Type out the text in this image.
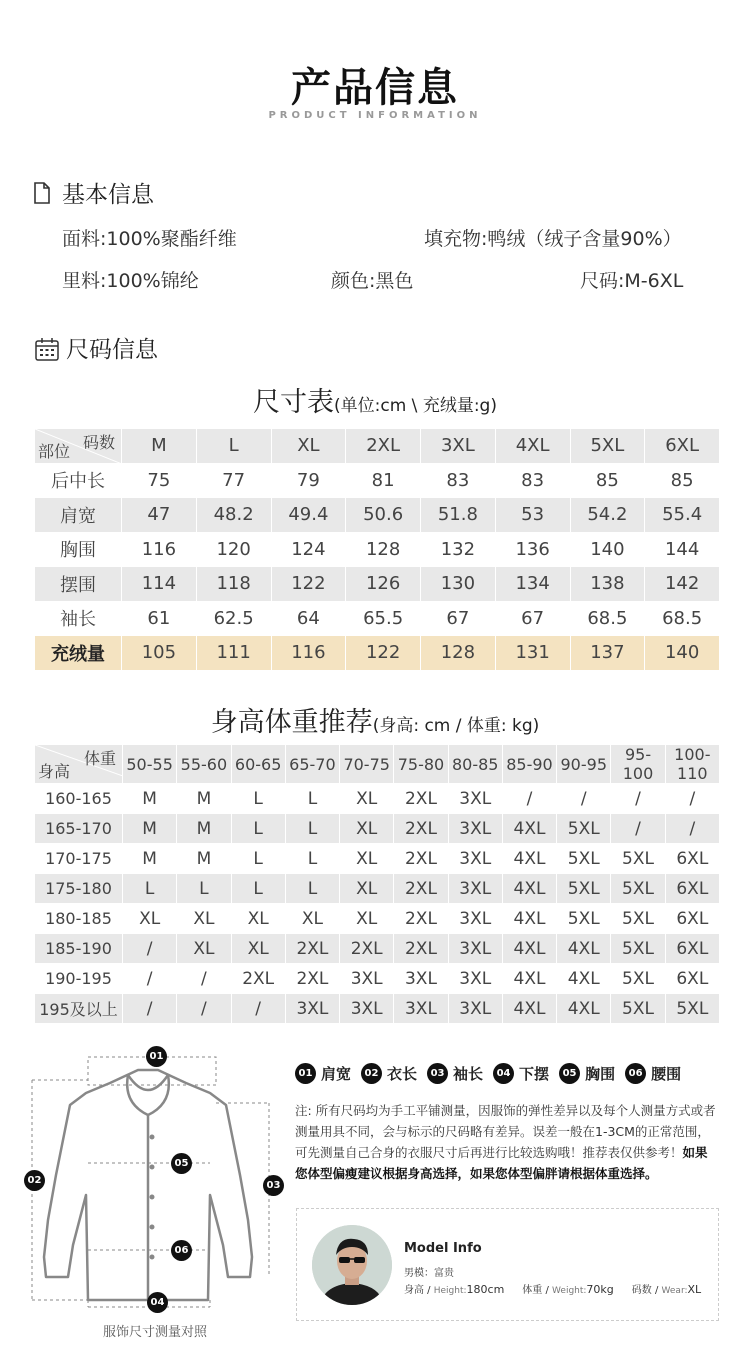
产品信息
PRODUCT INFORMATION
基本信息
面料:100%聚酯纤维	填充物:鸭绒（绒子含量90%）
里料:100%锦纶	颜色:黑色	尺码:M-6XL
尺码信息
尺寸表(单位:cm \ 充绒量:g)
码数
部位	M	L	XL	2XL	3XL	4XL	5XL	6XL
后中长	75	77	79	81	83	83	85	85
肩宽	47	48.2	49.4	50.6	51.8	53	54.2	55.4
胸围	116	120	124	128	132	136	140	144
摆围	114	118	122	126	130	134	138	142
袖长	61	62.5	64	65.5	67	67	68.5	68.5
充绒量	105	111	116	122	128	131	137	140
身高体重推荐(身高: cm / 体重: kg)
体重
身高	50-55	55-60	60-65	65-70	70-75	75-80	80-85	85-90	90-95	95-100	100-110
160-165	M	M	L	L	XL	2XL	3XL	/	/	/	/
165-170	M	M	L	L	XL	2XL	3XL	4XL	5XL	/	/
170-175	M	M	L	L	XL	2XL	3XL	4XL	5XL	5XL	6XL
175-180	L	L	L	L	XL	2XL	3XL	4XL	5XL	5XL	6XL
180-185	XL	XL	XL	XL	XL	2XL	3XL	4XL	5XL	5XL	6XL
185-190	/	XL	XL	2XL	2XL	2XL	3XL	4XL	4XL	5XL	6XL
190-195	/	/	2XL	2XL	3XL	3XL	3XL	4XL	4XL	5XL	6XL
195及以上	/	/	/	3XL	3XL	3XL	3XL	4XL	4XL	5XL	5XL
01
02	03
04
05
06
服饰尺寸测量对照
01 肩宽	02 衣长	03 袖长	04 下摆	05 胸围	06 腰围
注: 所有尺码均为手工平铺测量，因服饰的弹性差异以及每个人测量方式或者测量用具不同，会与标示的尺码略有差异。误差一般在1-3CM的正常范围，可先测量自己合身的衣服尺寸后再进行比较选购哦！推荐表仅供参考！如果您体型偏瘦建议根据身高选择，如果您体型偏胖请根据体重选择。
Model Info
男模：富贵
身高 / Height:180cm 体重 / Weight:70kg 码数 / Wear:XL
